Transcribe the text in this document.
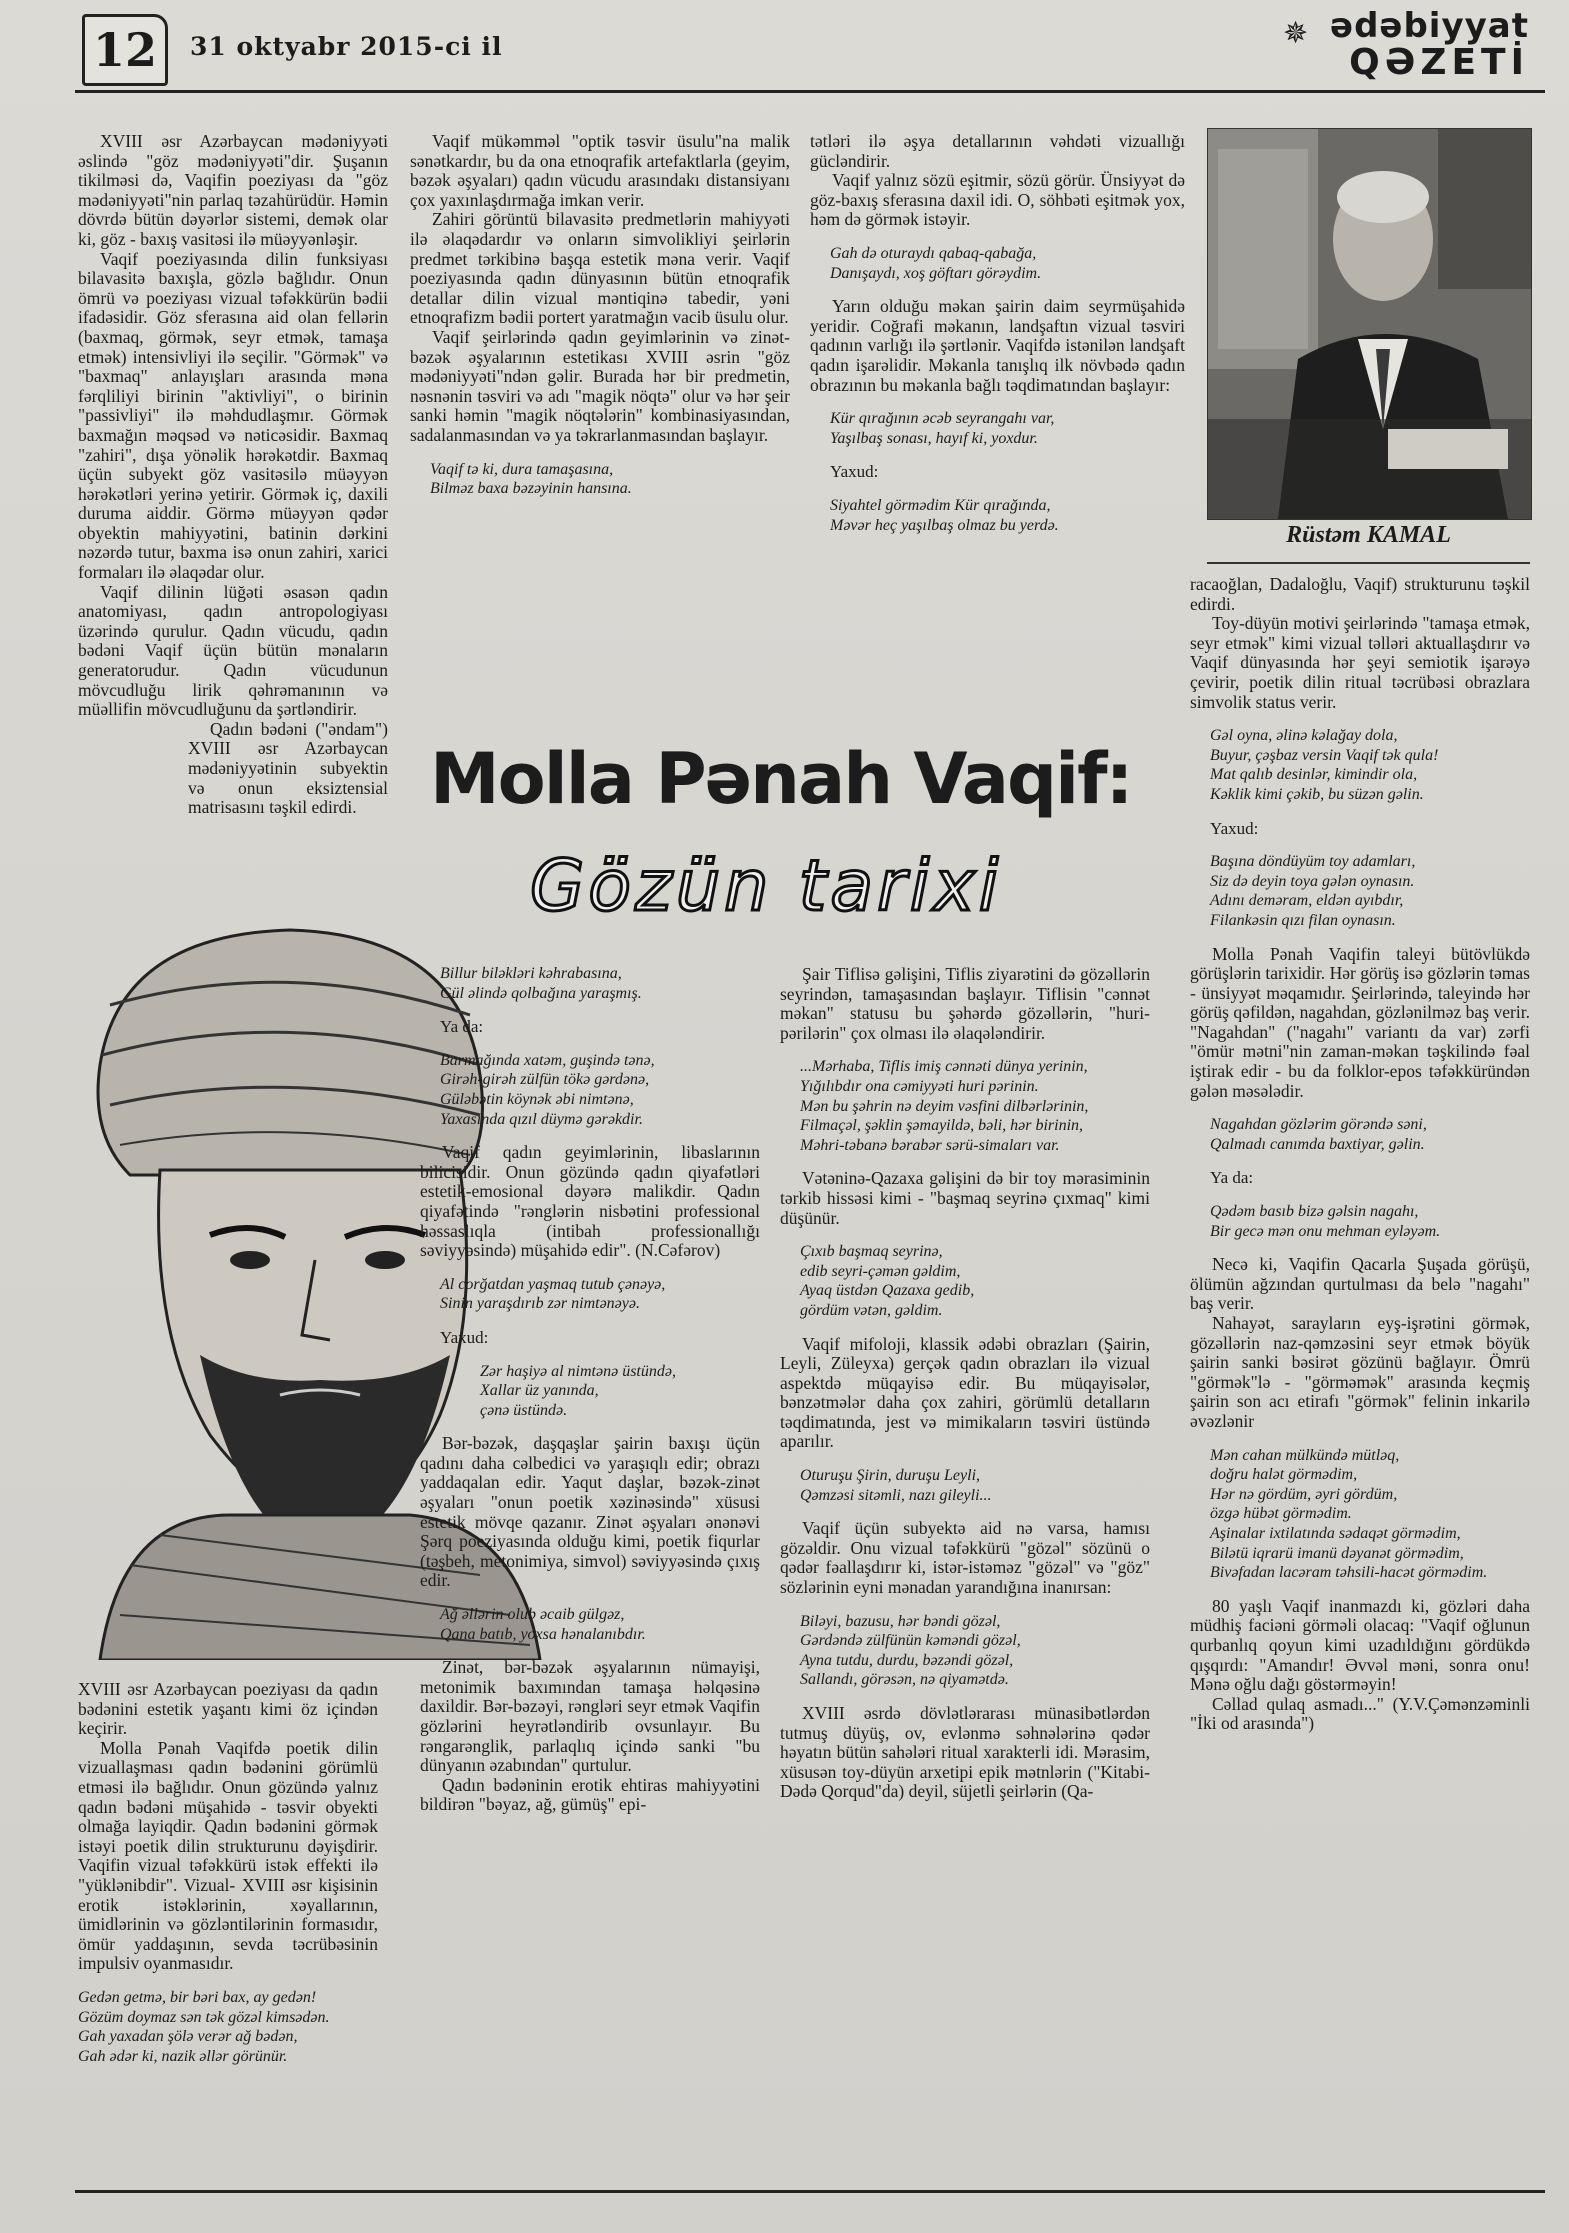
12 31 oktyabr 2015-ci il	✵ ədəbiyyat
QƏZETİ

XVIII əsr Azərbaycan mədəniyyəti əslində "göz mədəniyyəti"dir. Şuşanın tikilməsi də, Vaqifin poeziyası da "göz mədəniyyəti"nin parlaq təzahürüdür. Həmin dövrdə bütün dəyərlər sistemi, demək olar ki, göz - baxış vasitəsi ilə müəyyənləşir.

Vaqif poeziyasında dilin funksiyası bilavasitə baxışla, gözlə bağlıdır. Onun ömrü və poeziyası vizual təfəkkürün bədii ifadəsidir. Göz sferasına aid olan fellərin (baxmaq, görmək, seyr etmək, tamaşa etmək) intensivliyi ilə seçilir. "Görmək" və "baxmaq" anlayışları arasında məna fərqliliyi birinin "aktivliyi", o birinin "passivliyi" ilə məhdudlaşmır. Görmək baxmağın məqsəd və nəticəsidir. Baxmaq "zahiri", dışa yönəlik hərəkətdir. Baxmaq üçün subyekt göz vasitəsilə müəyyən hərəkətləri yerinə yetirir. Görmək iç, daxili duruma aiddir. Görmə müəyyən qədər obyektin mahiyyətini, batinin dərkini nəzərdə tutur, baxma isə onun zahiri, xarici formaları ilə əlaqədar olur.

Vaqif dilinin lüğəti əsasən qadın anatomiyası, qadın antropologiyası üzərində qurulur. Qadın vücudu, qadın bədəni Vaqif üçün bütün mənaların generatorudur. Qadın vücudunun mövcudluğu lirik qəhrəmanının və müəllifin mövcudluğunu da şərtləndirir.

Qadın bədəni ("əndam") XVIII əsr Azərbaycan mədəniyyətinin subyektin və onun eksiztensial matrisasını təşkil edirdi.

Vaqif mükəmməl "optik təsvir üsulu"na malik sənətkardır, bu da ona etnoqrafik artefaktlarla (geyim, bəzək əşyaları) qadın vücudu arasındakı distansiyanı çox yaxınlaşdırmağa imkan verir.

Zahiri görüntü bilavasitə predmetlərin mahiyyəti ilə əlaqədardır və onların simvolikliyi şeirlərin predmet tərkibinə başqa estetik məna verir. Vaqif poeziyasında qadın dünyasının bütün etnoqrafik detallar dilin vizual məntiqinə tabedir, yəni etnoqrafizm bədii portert yaratmağın vacib üsulu olur.

Vaqif şeirlərində qadın geyimlərinin və zinət-bəzək əşyalarının estetikası XVIII əsrin "göz mədəniyyəti"ndən gəlir. Burada hər bir predmetin, nəsnənin təsviri və adı "magik nöqtə" olur və hər şeir sanki həmin "magik nöqtələrin" kombinasiyasından, sadalanmasından və ya təkrarlanmasından başlayır.

Vaqif tə ki, dura tamaşasına,
Bilməz baxa bəzəyinin hansına.

tətləri ilə əşya detallarının vəhdəti vizuallığı gücləndirir.

Vaqif yalnız sözü eşitmir, sözü görür. Ünsiyyət də göz-baxış sferasına daxil idi. O, söhbəti eşitmək yox, həm də görmək istəyir.

Gah də oturaydı qabaq-qabağa,
Danışaydı, xoş göftarı görəydim.

Yarın olduğu məkan şairin daim seyrmüşahidə yeridir. Coğrafi məkanın, landşaftın vizual təsviri qadının varlığı ilə şərtlənir. Vaqifdə istənilən landşaft qadın işarəlidir. Məkanla tanışlıq ilk növbədə qadın obrazının bu məkanla bağlı təqdimatından başlayır:

Kür qırağının əcəb seyrangahı var,
Yaşılbaş sonası, hayıf ki, yoxdur.
Yaxud:
Siyahtel görmədim Kür qırağında,
Məvər heç yaşılbaş olmaz bu yerdə.	Rüstəm KAMAL

racaoğlan, Dadaloğlu, Vaqif) strukturunu təşkil edirdi.

Toy-düyün motivi şeirlərində "tamaşa etmək, seyr etmək" kimi vizual təlləri aktuallaşdırır və Vaqif dünyasında hər şeyi semiotik işarəyə çevirir, poetik dilin ritual təcrübəsi obrazlara simvolik status verir.

Gəl oyna, əlinə kəlağay dola,
Buyur, çəşbaz versin Vaqif tək qula!
Mat qalıb desinlər, kimindir ola,
Kəklik kimi çəkib, bu süzən gəlin.
Yaxud:
Başına döndüyüm toy adamları,
Siz də deyin toya gələn oynasın.
Adını deməram, eldən ayıbdır,
Filankəsin qızı filan oynasın.

Molla Pənah Vaqifin taleyi bütövlükdə görüşlərin tarixidir. Hər görüş isə gözlərin təmas - ünsiyyət məqamıdır. Şeirlərində, taleyində hər görüş qəfildən, nagahdan, gözlənilməz baş verir. "Nagahdan" ("nagahı" variantı da var) zərfi "ömür mətni"nin zaman-məkan təşkilində fəal iştirak edir - bu da folklor-epos təfəkküründən gələn məsələdir.

Nagahdan gözlərim görəndə səni,
Qalmadı canımda baxtiyar, gəlin.
Ya da:
Qədəm basıb bizə gəlsin nagahı,
Bir gecə mən onu mehman eyləyəm.

Necə ki, Vaqifin Qacarla Şuşada görüşü, ölümün ağzından qurtulması da belə "nagahı" baş verir.

Nahayət, sarayların eyş-işrətini görmək, gözəllərin naz-qəmzəsini seyr etmək böyük şairin sanki bəsirət gözünü bağlayır. Ömrü "görmək"lə - "görməmək" arasında keçmiş şairin son acı etirafı "görmək" felinin inkarilə əvəzlənir

Mən cahan mülkündə mütləq,
doğru halət görmədim,
Hər nə gördüm, əyri gördüm,
özgə hübət görmədim.
Aşinalar ixtilatında sədaqət görmədim,
Bilətü iqrarü imanü dəyanət görmədim,
Bivəfadan lacəram təhsili-hacət görmədim.

80 yaşlı Vaqif inanmazdı ki, gözləri daha müdhiş faciəni görməli olacaq: "Vaqif oğlunun qurbanlıq qoyun kimi uzadıldığını gördükdə qışqırdı: "Amandır! Əvvəl məni, sonra onu! Mənə oğlu dağı göstərməyin!

Cəllad qulaq asmadı..." (Y.V.Çəmənzəminli "İki od arasında")

Molla Pənah Vaqif:
Gözün tarixi

XVIII əsr Azərbaycan poeziyası da qadın bədənini estetik yaşantı kimi öz içindən keçirir.

Molla Pənah Vaqifdə poetik dilin vizuallaşması qadın bədənini görümlü etməsi ilə bağlıdır. Onun gözündə yalnız qadın bədəni müşahidə - təsvir obyekti olmağa layiqdir. Qadın bədənini görmək istəyi poetik dilin strukturunu dəyişdirir. Vaqifin vizual təfəkkürü istək effekti ilə "yüklənibdir". Vizual- XVIII əsr kişisinin erotik istəklərinin, xəyallarının, ümidlərinin və gözləntilərinin formasıdır, ömür yaddaşının, sevda təcrübəsinin impulsiv oyanmasıdır.

Gedən getmə, bir bəri bax, ay gedən!
Gözüm doymaz sən tək gözəl kimsədən.
Gah yaxadan şölə verər ağ bədən,
Gah ədər ki, nazik əllər görünür.
Billur biləkləri kəhrabasına,
Gül əlində qolbağına yaraşmış.
Ya da:
Barmağında xatəm, guşində tənə,
Girəh-girəh zülfün tökə gərdənə,
Güləbətin köynək əbi nimtənə,
Yaxasında qızıl düymə gərəkdir.

Vaqif qadın geyimlərinin, libaslarının bilicisidir. Onun gözündə qadın qiyafətləri estetik-emosional dəyərə malikdir. Qadın qiyafətində "rənglərin nisbətini professional həssaslıqla (intibah professionallığı səviyyəsində) müşahidə edir". (N.Cəfərov)

Al corğatdan yaşmaq tutub çənəyə,
Sinin yaraşdırıb zər nimtənəyə.
Yaxud:
Zər haşiyə al nimtənə üstündə,
Xallar üz yanında,
çənə üstündə.

Bər-bəzək, daşqaşlar şairin baxışı üçün qadını daha cəlbedici və yaraşıqlı edir; obrazı yaddaqalan edir. Yaqut daşlar, bəzək-zinət əşyaları "onun poetik xəzinəsində" xüsusi estetik mövqe qazanır. Zinət əşyaları ənənəvi Şərq poeziyasında olduğu kimi, poetik fiqurlar (təşbeh, metonimiya, simvol) səviyyəsində çıxış edir.

Ağ əllərin olub əcaib gülgəz,
Qana batıb, yoxsa hənalanıbdır.

Zinət, bər-bəzək əşyalarının nümayişi, metonimik baxımından tamaşa həlqəsinə daxildir. Bər-bəzəyi, rəngləri seyr etmək Vaqifin gözlərini heyrətləndirib ovsunlayır. Bu rəngarənglik, parlaqlıq içində sanki "bu dünyanın əzabından" qurtulur.

Qadın bədəninin erotik ehtiras mahiyyətini bildirən "bəyaz, ağ, gümüş" epi-

Şair Tiflisə gəlişini, Tiflis ziyarətini də gözəllərin seyrindən, tamaşasından başlayır. Tiflisin "cənnət məkan" statusu bu şəhərdə gözəllərin, "huri-pərilərin" çox olması ilə əlaqələndirir.

...Mərhaba, Tiflis imiş cənnəti dünya yerinin,
Yığılıbdır ona cəmiyyəti huri pərinin.
Mən bu şəhrin nə deyim vəsfini dilbərlərinin,
Filmaçəl, şəklin şəmayildə, bəli, hər birinin,
Məhri-təbanə bərabər sərü-simaları var.

Vətəninə-Qazaxa gəlişini də bir toy mərasiminin tərkib hissəsi kimi - "başmaq seyrinə çıxmaq" kimi düşünür.

Çıxıb başmaq seyrinə,
edib seyri-çəmən gəldim,
Ayaq üstdən Qazaxa gedib,
gördüm vətən, gəldim.

Vaqif mifoloji, klassik ədəbi obrazları (Şairin, Leyli, Züleyxa) gerçək qadın obrazları ilə vizual aspektdə müqayisə edir. Bu müqayisələr, bənzətmələr daha çox zahiri, görümlü detalların təqdimatında, jest və mimikaların təsviri üstündə aparılır.

Oturuşu Şirin, duruşu Leyli,
Qəmzəsi sitəmli, nazı gileyli...

Vaqif üçün subyektə aid nə varsa, hamısı gözəldir. Onu vizual təfəkkürü "gözəl" sözünü o qədər fəallaşdırır ki, istər-istəməz "gözəl" və "göz" sözlərinin eyni mənadan yarandığına inanırsan:

Biləyi, bazusu, hər bəndi gözəl,
Gərdəndə zülfünün kəməndi gözəl,
Ayna tutdu, durdu, bəzəndi gözəl,
Sallandı, görəsən, nə qiyamətdə.

XVIII əsrdə dövlətlərarası münasibətlərdən tutmuş düyüş, ov, evlənmə səhnələrinə qədər həyatın bütün sahələri ritual xarakterli idi. Mərasim, xüsusən toy-düyün arxetipi epik mətnlərin ("Kitabi-Dədə Qorqud"da) deyil, süjetli şeirlərin (Qa-
